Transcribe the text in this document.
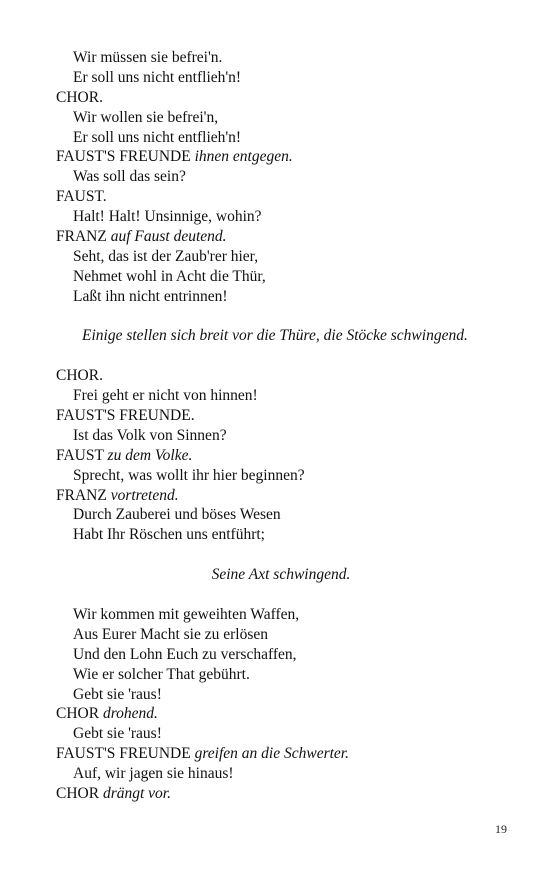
Wir müssen sie befrei'n.
Er soll uns nicht entflieh'n!
CHOR.
Wir wollen sie befrei'n,
Er soll uns nicht entflieh'n!
FAUST'S FREUNDE ihnen entgegen.
Was soll das sein?
FAUST.
Halt! Halt! Unsinnige, wohin?
FRANZ auf Faust deutend.
Seht, das ist der Zaub'rer hier,
Nehmet wohl in Acht die Thür,
Laßt ihn nicht entrinnen!
Einige stellen sich breit vor die Thüre, die Stöcke schwingend.
CHOR.
Frei geht er nicht von hinnen!
FAUST'S FREUNDE.
Ist das Volk von Sinnen?
FAUST zu dem Volke.
Sprecht, was wollt ihr hier beginnen?
FRANZ vortretend.
Durch Zauberei und böses Wesen
Habt Ihr Röschen uns entführt;
Seine Axt schwingend.
Wir kommen mit geweihten Waffen,
Aus Eurer Macht sie zu erlösen
Und den Lohn Euch zu verschaffen,
Wie er solcher That gebührt.
Gebt sie 'raus!
CHOR drohend.
Gebt sie 'raus!
FAUST'S FREUNDE greifen an die Schwerter.
Auf, wir jagen sie hinaus!
CHOR drängt vor.
19
